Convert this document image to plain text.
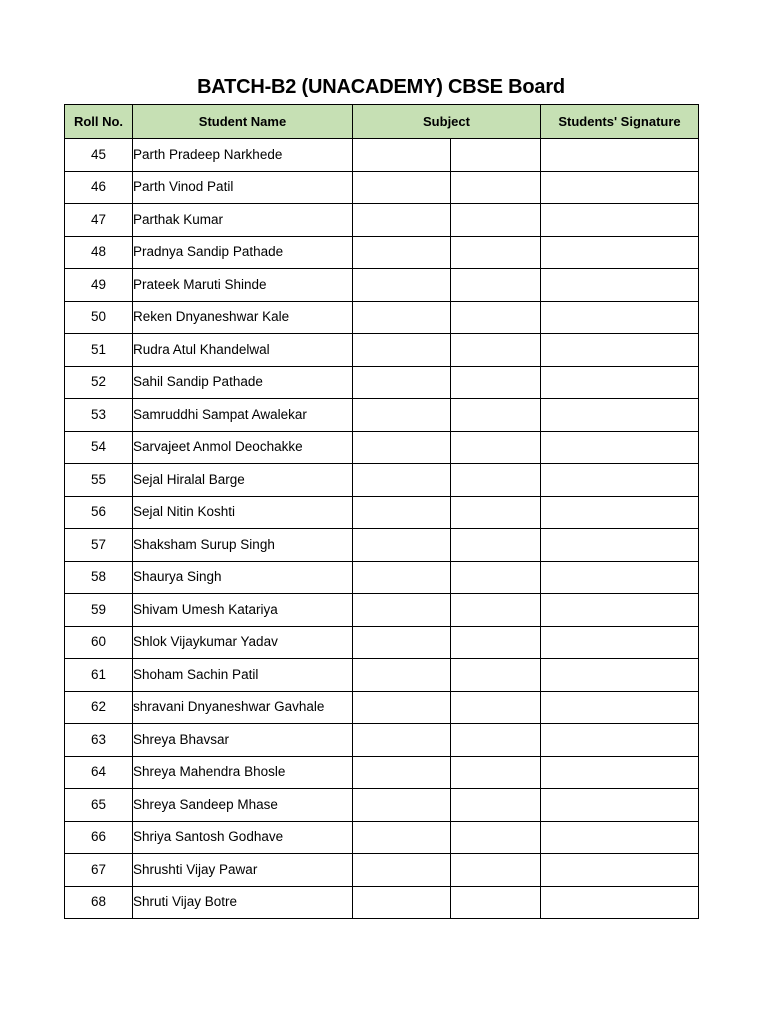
BATCH-B2 (UNACADEMY) CBSE Board
Roll No.	Student Name	Subject		Students' Signature
45	Parth Pradeep Narkhede			
46	Parth Vinod Patil			
47	Parthak Kumar			
48	Pradnya Sandip Pathade			
49	Prateek Maruti Shinde			
50	Reken Dnyaneshwar Kale			
51	Rudra Atul Khandelwal			
52	Sahil Sandip Pathade			
53	Samruddhi Sampat Awalekar			
54	Sarvajeet Anmol Deochakke			
55	Sejal Hiralal Barge			
56	Sejal Nitin Koshti			
57	Shaksham Surup Singh			
58	Shaurya Singh			
59	Shivam Umesh Katariya			
60	Shlok Vijaykumar Yadav			
61	Shoham Sachin Patil			
62	shravani Dnyaneshwar Gavhale			
63	Shreya Bhavsar			
64	Shreya Mahendra Bhosle			
65	Shreya Sandeep Mhase			
66	Shriya Santosh Godhave			
67	Shrushti Vijay Pawar			
68	Shruti Vijay Botre			
